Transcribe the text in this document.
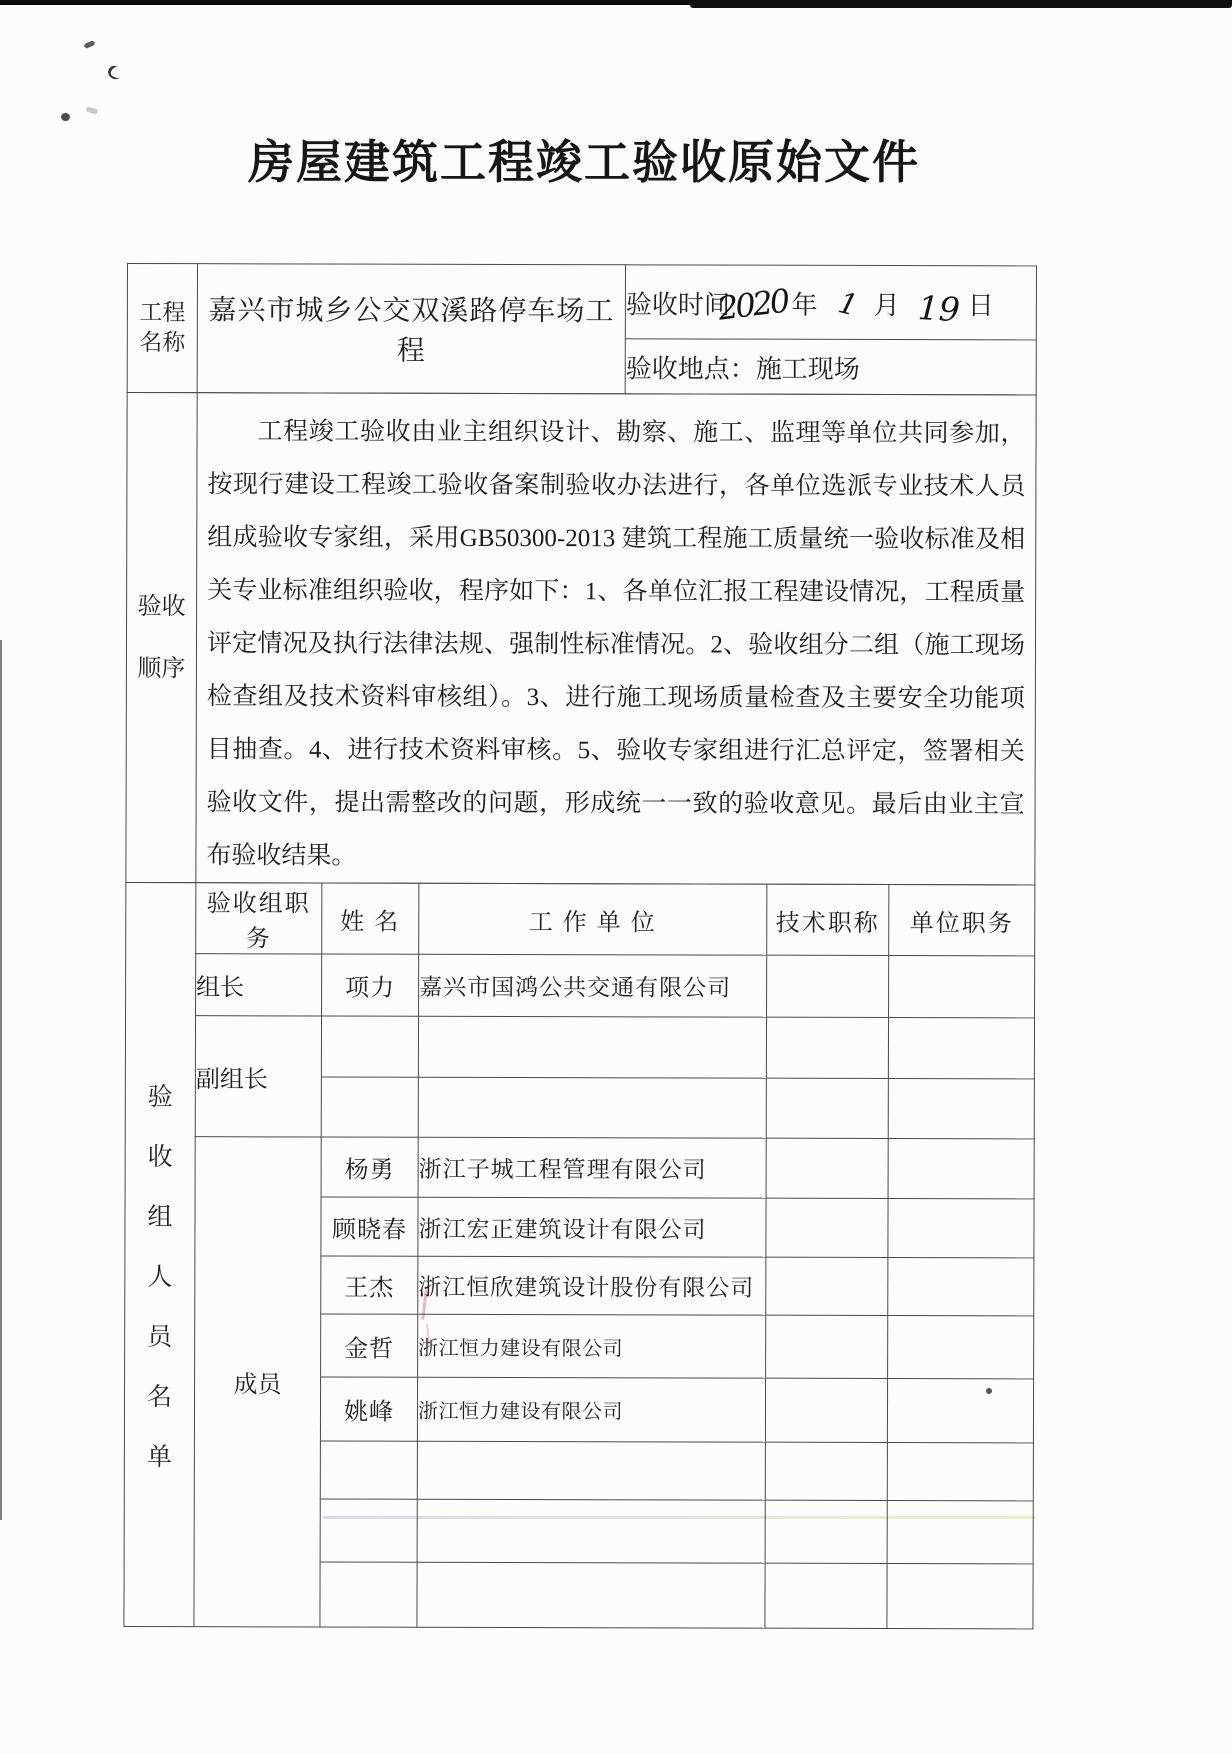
房屋建筑工程竣工验收原始文件
工程
名称
	嘉兴市城乡公交双溪路停车场工程	验收时间2020年 1 月 19 日
验收地点：施工现场
验收
顺序

工程竣工验收由业主组织设计、勘察、施工、监理等单位共同参加，按现行建设工程竣工验收备案制验收办法进行，各单位选派专业技术人员组成验收专家组，采用GB50300-2013 建筑工程施工质量统一验收标准及相关专业标准组织验收，程序如下：1、各单位汇报工程建设情况，工程质量评定情况及执行法律法规、强制性标准情况。2、验收组分二组（施工现场检查组及技术资料审核组）。3、进行施工现场质量检查及主要安全功能项目抽查。4、进行技术资料审核。5、验收专家组进行汇总评定，签署相关验收文件，提出需整改的问题，形成统一一致的验收意见。最后由业主宣布验收结果。
验
收
组
人
员
名
单
	验收组职务	姓 名	工 作 单 位	技术职称	单位职务
	组长	项力	嘉兴市国鸿公共交通有限公司		
	副组长				

	成员	杨勇	浙江子城工程管理有限公司		
		顾晓春	浙江宏正建筑设计有限公司		
		王杰	浙江恒欣建筑设计股份有限公司		
		金哲	浙江恒力建设有限公司		
		姚峰	浙江恒力建设有限公司		
